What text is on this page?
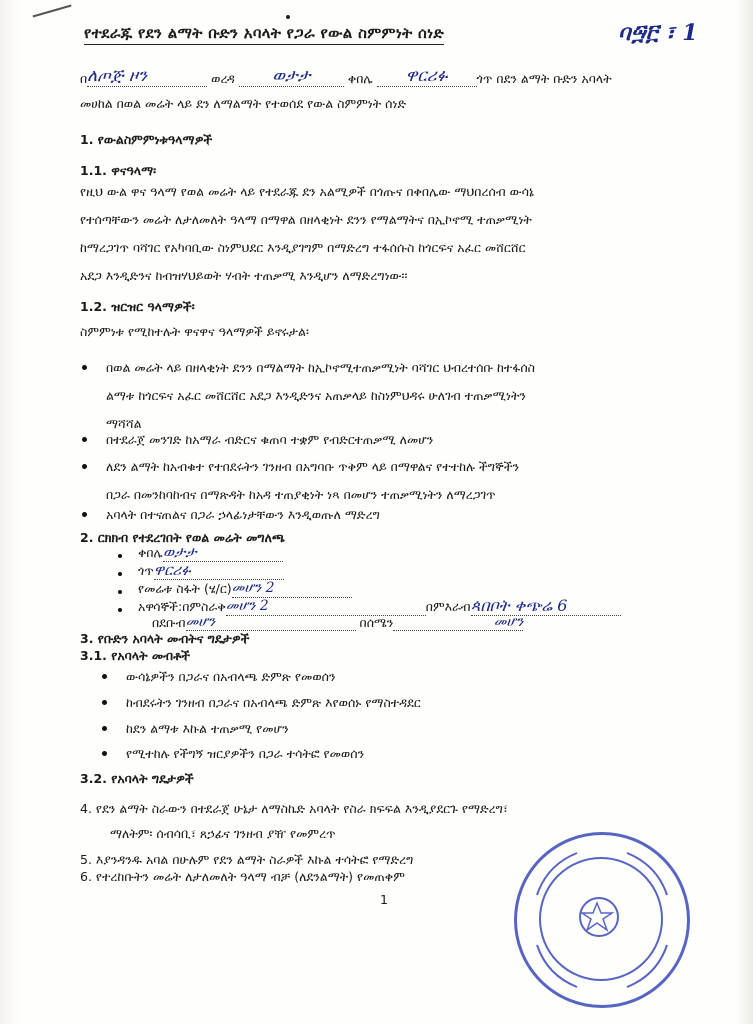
የተደራጁ የደን ልማት ቡድን አባላት የጋራ የውል ስምምነት ሰነድ	ባ፵፫ ፣ 1
በለጦጅ ዞን	ወረዳ ወታታ	ቀበሌ ዋርሪፉ ጎጥ በደን ልማት ቡድን አባላት
መሀከል በወል መሬት ላይ ደን ለማልማት የተወሰደ የውል ስምምነት ሰነድ
1. የውልስምምነቱዓላማዎች
1.1. ዋናዓላማ፡
የዚህ ውል ዋና ዓላማ የወል መሬት ላይ የተደራጁ ደን አልሚዎች በጎጡና በቀበሌው ማህበረሰብ ውሳኔ
የተሰጣቸውን መሬት ለታለመለት ዓላማ በማዋል በዘላቂነት ደንን የማልማትና በኢኮኖሚ ተጠቃሚነት
ከማረጋገጥ ባሻገር የአካባቢው ስነምህደር እንዲያገግም በማድረግ ተፋሰሱስ ከጎርፍና አፈር መሸርሸር
አደጋ እንዲድንና ከብዝሃህይወት ሃብት ተጠቃሚ እንዲሆን ለማድረግነው፡፡
1.2. ዝርዝር ዓላማዎች፡
ስምምነቱ የሚከተሉት ዋናዋና ዓላማዎች ይኖሩታል፡
በወል መሬት ላይ በዘላቂነት ደንን በማልማት ከኢኮኖሚተጠቃሚነት ባሻገር ህብረተሰቡ ከተፋሰስ
ልማቱ ከጎርፍና አፈር መሸርሸር አደጋ እንዲድንና አጠቃላይ ከስነምህዳሩ ሁለገብ ተጠቃሚነትን
ማሻሻል
በተደራጀ መንገድ ከአማራ ብድርና ቁጠባ ተቋም የብድርተጠቃሚ ለመሆን
ለደን ልማት ከአብቁተ የተበደሩትን ገንዘብ በአግባቡ ጥቅም ላይ በማዋልና የተተከሉ ችግኞችን
በጋራ በመንከባከብና በማጽዳት ከአዳ ተጠያቂነት ነጻ በመሆን ተጠቃሚነትን ለማረጋገጥ
አባላት በተናጠልና በጋራ ኃላፊነታቸውን እንዲወጡለ ማድረግ
2. ርክክብ የተደረገበት የወል መሬት መግለጫ
ቀበሌወታታ
ጎጥዋርሪፉ
የመሬቱ ስፋት (ሄ/ር)መሆን 2
አዋሳኞች:በምስራቅመሆን 2	በምእራብጳበቦት ቀጭሬ 6
በደቡብመሆን	በሰሜን	መሆን
3. የቡድን አባላት መብትና ግዴታዎች
3.1. የአባላት መብቶች
ውሳኔዎችን በጋራና በአብላጫ ድምጽ የመወሰን
ከብደሩትን ገንዘብ በጋራና በአብላጫ ድምጽ እየወሰኑ የማስተዳደር
ከደን ልማቱ እኩል ተጠቃሚ የመሆን
የሚተከሉ የችግኝ ዝርያዎችን በጋራ ተሳትፎ የመወሰን
3.2. የአባላት ግዴታዎች
4. የደን ልማት ስራውን በተደራጀ ሁኔታ ለማስኬድ አባላት የስራ ክፍፍል እንዲያደርጉ የማድረግ፣
ማለትም፡ ሰብሳቢ፣ ጸኃፊና ገንዘብ ያዥ የመምረጥ
5. እያንዳንዱ አባል በሁሉም የደን ልማት ስራዎች እኩል ተሳትፎ የማድረግ
6. የተረከቡትን መሬት ለታለመለት ዓላማ ብቻ (ለደንልማት) የመጠቀም
1
